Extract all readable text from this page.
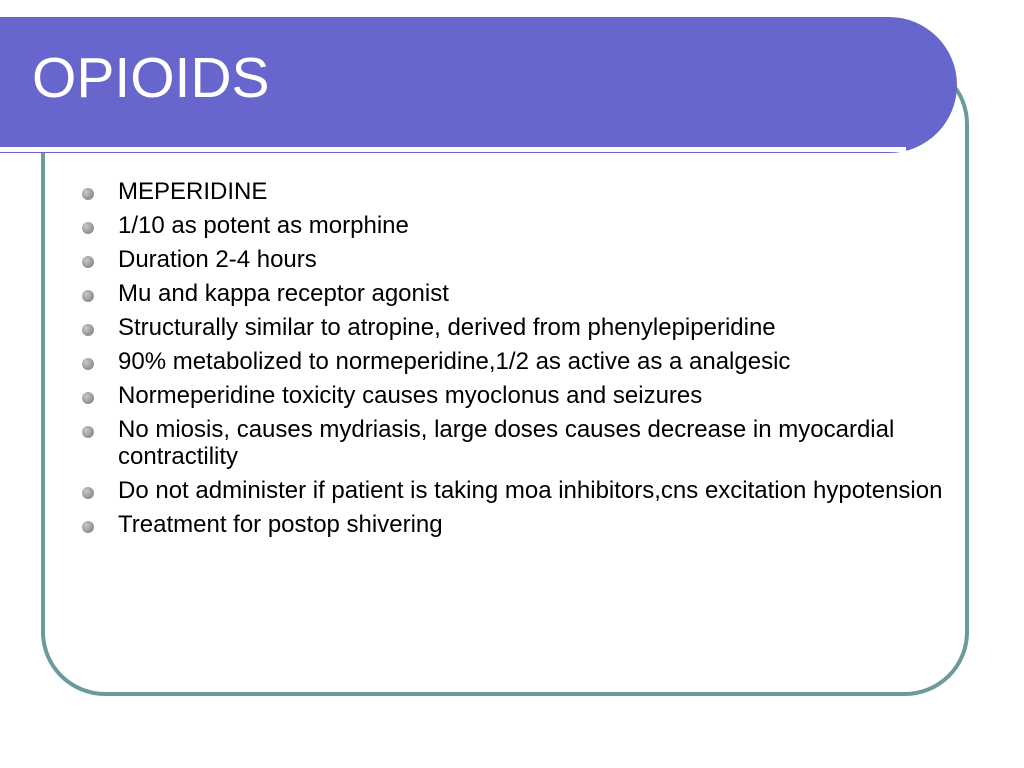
OPIOIDS
MEPERIDINE
1/10 as potent as morphine
Duration 2-4 hours
Mu and kappa receptor agonist
Structurally similar to atropine, derived from phenylepiperidine
90% metabolized to normeperidine,1/2 as active as a analgesic
Normeperidine toxicity causes myoclonus and seizures
No miosis, causes mydriasis, large doses causes decrease in myocardial contractility
Do not administer if patient is taking moa inhibitors,cns excitation hypotension
Treatment for postop shivering
